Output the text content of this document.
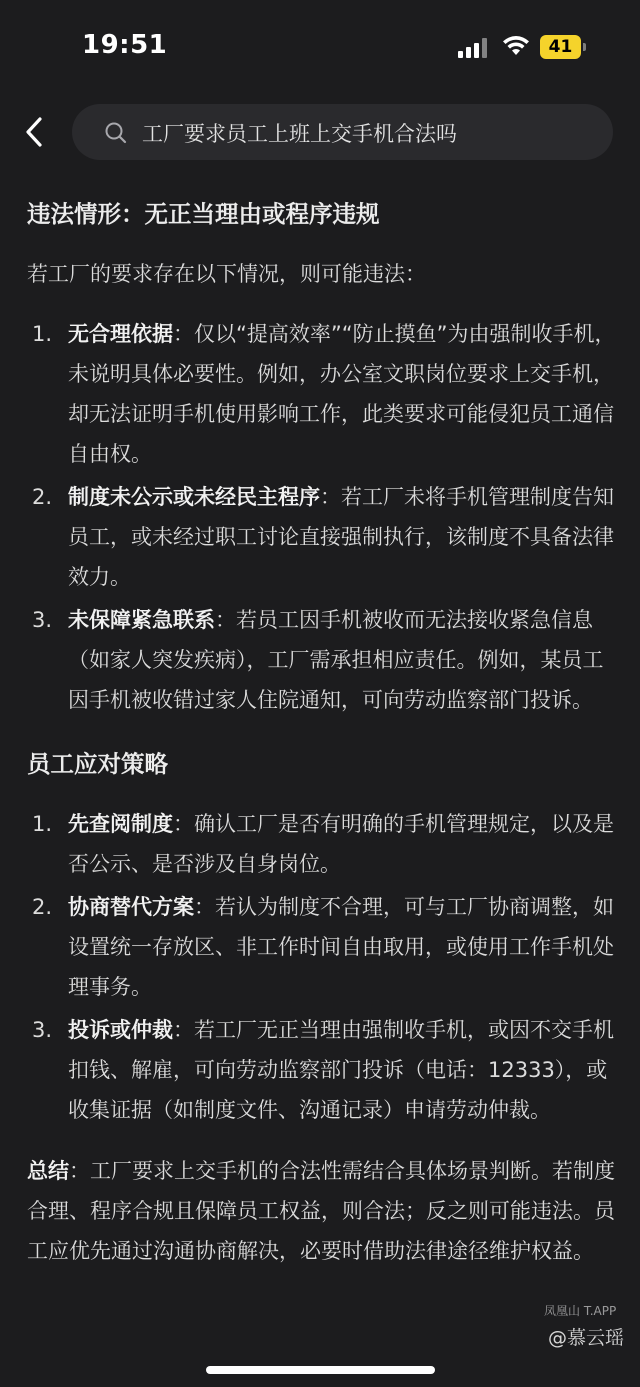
19:51	41
工厂要求员工上班上交手机合法吗
违法情形：无正当理由或程序违规

若工厂的要求存在以下情况，则可能违法：

1. 无合理依据：仅以“提高效率”“防止摸鱼”为由强制收手机，未说明具体必要性。例如，办公室文职岗位要求上交手机，却无法证明手机使用影响工作，此类要求可能侵犯员工通信自由权。
2. 制度未公示或未经民主程序：若工厂未将手机管理制度告知员工，或未经过职工讨论直接强制执行，该制度不具备法律效力。
3. 未保障紧急联系：若员工因手机被收而无法接收紧急信息（如家人突发疾病），工厂需承担相应责任。例如，某员工因手机被收错过家人住院通知，可向劳动监察部门投诉。
员工应对策略
1. 先查阅制度：确认工厂是否有明确的手机管理规定，以及是否公示、是否涉及自身岗位。
2. 协商替代方案：若认为制度不合理，可与工厂协商调整，如设置统一存放区、非工作时间自由取用，或使用工作手机处理事务。
3. 投诉或仲裁：若工厂无正当理由强制收手机，或因不交手机扣钱、解雇，可向劳动监察部门投诉（电话：12333），或收集证据（如制度文件、沟通记录）申请劳动仲裁。

总结：工厂要求上交手机的合法性需结合具体场景判断。若制度合理、程序合规且保障员工权益，则合法；反之则可能违法。员工应优先通过沟通协商解决，必要时借助法律途径维护权益。

凤凰山 T.APP
@慕云瑶
